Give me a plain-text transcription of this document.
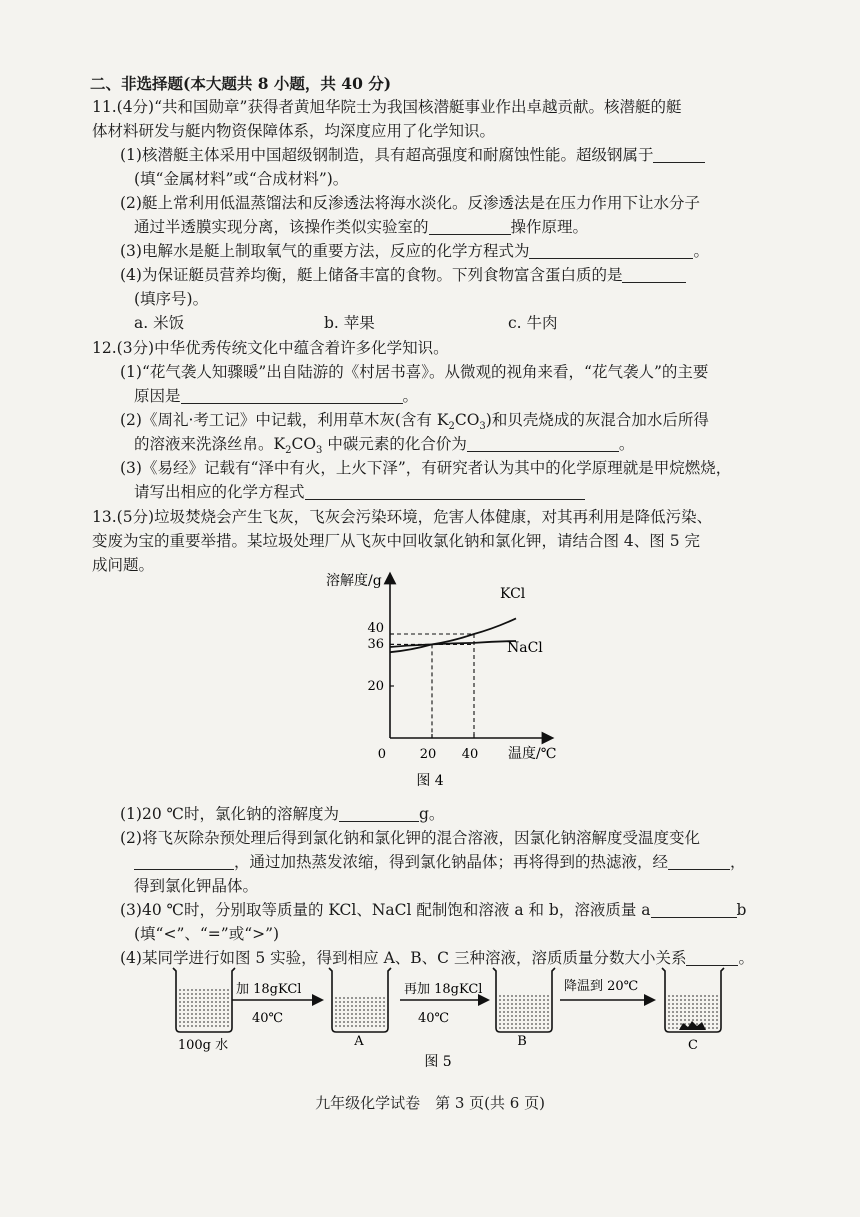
二、非选择题(本大题共 8 小题，共 40 分)
11.(4分)“共和国勋章”获得者黄旭华院士为我国核潜艇事业作出卓越贡献。核潜艇的艇
体材料研发与艇内物资保障体系，均深度应用了化学知识。
(1)核潜艇主体采用中国超级钢制造，具有超高强度和耐腐蚀性能。超级钢属于
(填“金属材料”或“合成材料”)。
(2)艇上常利用低温蒸馏法和反渗透法将海水淡化。反渗透法是在压力作用下让水分子
通过半透膜实现分离，该操作类似实验室的	操作原理。
(3)电解水是艇上制取氧气的重要方法，反应的化学方程式为	。
(4)为保证艇员营养均衡，艇上储备丰富的食物。下列食物富含蛋白质的是
(填序号)。
a. 米饭	b. 苹果	c. 牛肉
12.(3分)中华优秀传统文化中蕴含着许多化学知识。
(1)“花气袭人知骤暖”出自陆游的《村居书喜》。从微观的视角来看，“花气袭人”的主要
原因是	。
(2)《周礼·考工记》中记载，利用草木灰(含有 $K_2CO_3$)和贝壳烧成的灰混合加水后所得
的溶液来洗涤丝帛。$K_2CO_3$ 中碳元素的化合价为	。
(3)《易经》记载有“泽中有火，上火下泽”，有研究者认为其中的化学原理就是甲烷燃烧，
请写出相应的化学方程式
13.(5分)垃圾焚烧会产生飞灰，飞灰会污染环境，危害人体健康，对其再利用是降低污染、
变废为宝的重要举措。某垃圾处理厂从飞灰中回收氯化钠和氯化钾，请结合图 4、图 5 完
成问题。
溶解度/g
温度/℃
KCl
NaCl
0	20 40
40
36
20
图 4
加 18gKCl
40℃
再加 18gKCl
40℃
降温到 20℃
100g 水	A	B	C
图 5
(1)20 ℃时，氯化钠的溶解度为	g。
(2)将飞灰除杂预处理后得到氯化钠和氯化钾的混合溶液，因氯化钠溶解度受温度变化
，通过加热蒸发浓缩，得到氯化钠晶体；再将得到的热滤液，经	，
得到氯化钾晶体。
(3)40 ℃时，分别取等质量的 KCl、NaCl 配制饱和溶液 a 和 b，溶液质量 a	b
(填“<”、“=”或“>”)
(4)某同学进行如图 5 实验，得到相应 A、B、C 三种溶液，溶质质量分数大小关系	。
九年级化学试卷　第 3 页(共 6 页)
